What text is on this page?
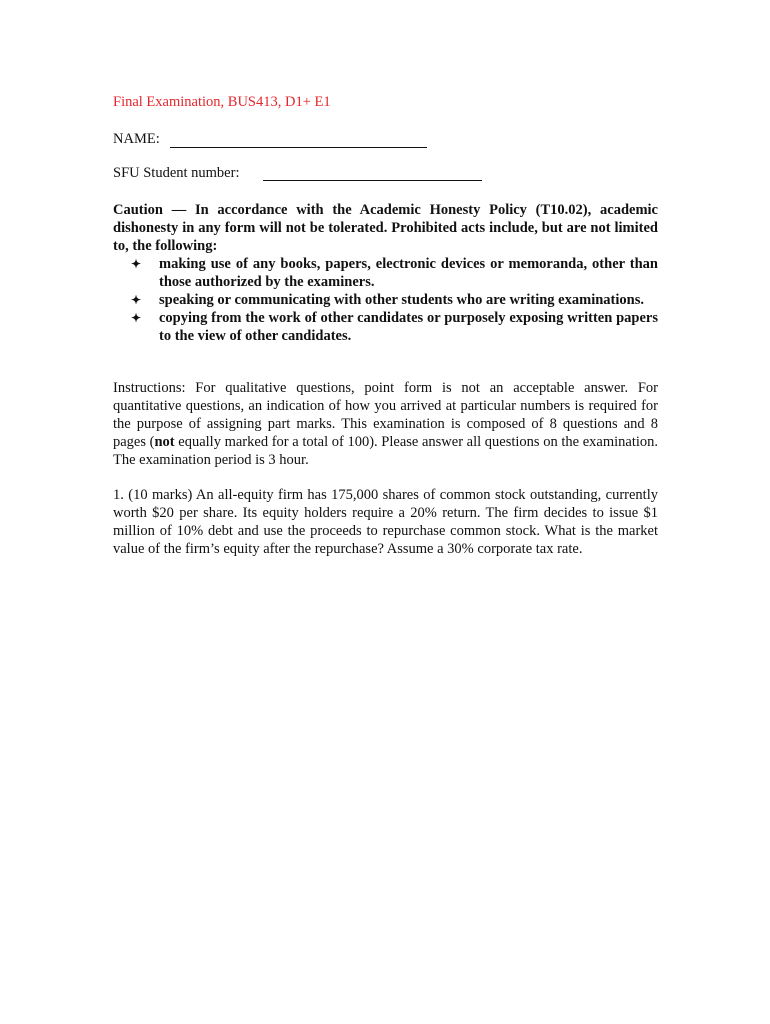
Final Examination, BUS413, D1+ E1
NAME:
SFU Student number:

Caution — In accordance with the Academic Honesty Policy (T10.02), academic dishonesty in any form will not be tolerated. Prohibited acts include, but are not limited to, the following:

✦ making use of any books, papers, electronic devices or memoranda, other than those authorized by the examiners.
✦ speaking or communicating with other students who are writing examinations.
✦ copying from the work of other candidates or purposely exposing written papers to the view of other candidates.

Instructions: For qualitative questions, point form is not an acceptable answer. For quantitative questions, an indication of how you arrived at particular numbers is required for the purpose of assigning part marks. This examination is composed of 8 questions and 8 pages (not equally marked for a total of 100). Please answer all questions on the examination. The examination period is 3 hour.

1. (10 marks) An all-equity firm has 175,000 shares of common stock outstanding, currently worth $20 per share. Its equity holders require a 20% return. The firm decides to issue $1 million of 10% debt and use the proceeds to repurchase common stock. What is the market value of the firm’s equity after the repurchase? Assume a 30% corporate tax rate.
